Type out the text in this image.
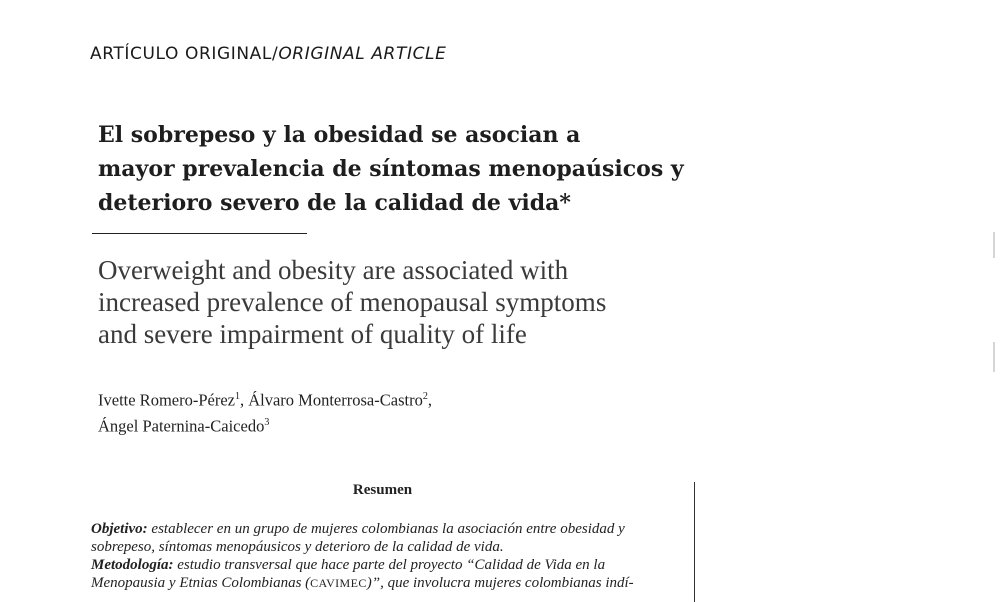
ARTÍCULO ORIGINAL/ORIGINAL ARTICLE
El sobrepeso y la obesidad se asocian a
mayor prevalencia de síntomas menopaúsicos y
deterioro severo de la calidad de vida*
Overweight and obesity are associated with
increased prevalence of menopausal symptoms
and severe impairment of quality of life
Ivette Romero-Pérez$^1$, Álvaro Monterrosa-Castro$^2$,
Ángel Paternina-Caicedo$^3$
Resumen
Objetivo: establecer en un grupo de mujeres colombianas la asociación entre obesidad y
sobrepeso, síntomas menopáusicos y deterioro de la calidad de vida.
Metodología: estudio transversal que hace parte del proyecto “Calidad de Vida en la
Menopausia y Etnias Colombianas (CAVIMEC)”, que involucra mujeres colombianas indí-
